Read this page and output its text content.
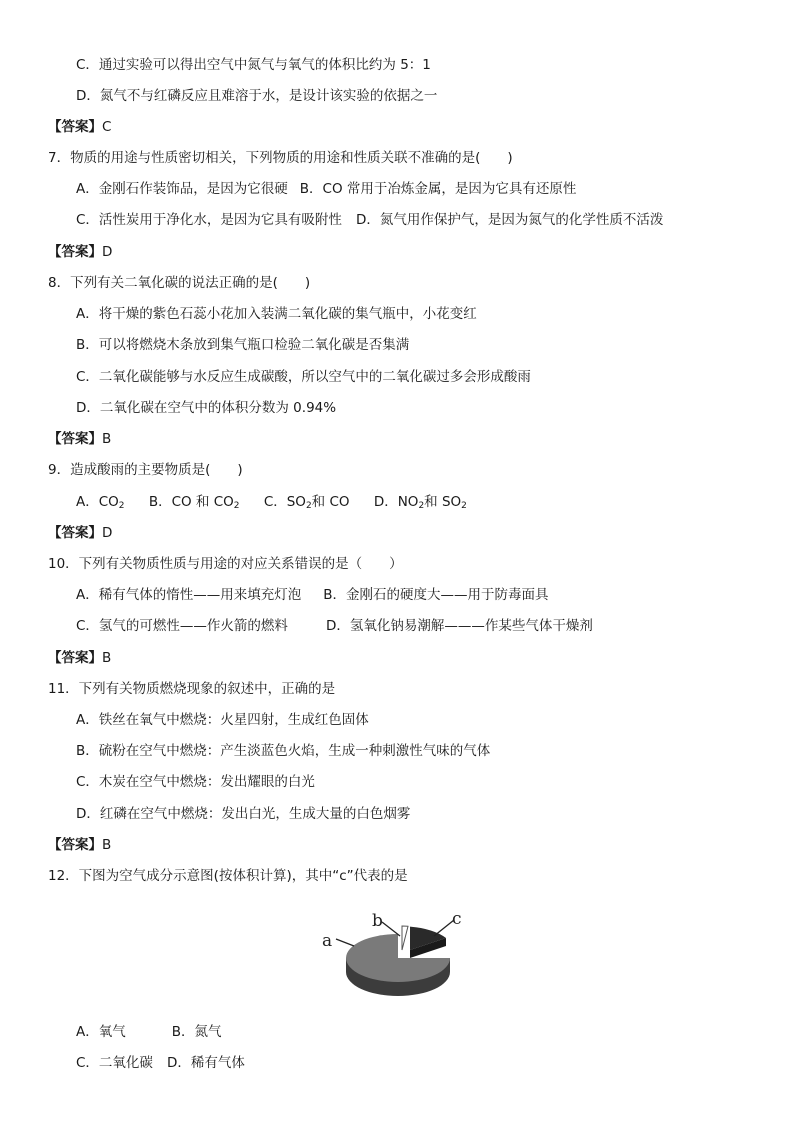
C．通过实验可以得出空气中氮气与氧气的体积比约为 5：1
D．氮气不与红磷反应且难溶于水，是设计该实验的依据之一
【答案】C
7．物质的用途与性质密切相关，下列物质的用途和性质关联不准确的是(　　)
A．金刚石作装饰品，是因为它很硬 B．CO 常用于冶炼金属，是因为它具有还原性
C．活性炭用于净化水，是因为它具有吸附性 D．氮气用作保护气，是因为氮气的化学性质不活泼
【答案】D
8．下列有关二氧化碳的说法正确的是(　　)
A．将干燥的紫色石蕊小花加入装满二氧化碳的集气瓶中，小花变红
B．可以将燃烧木条放到集气瓶口检验二氧化碳是否集满
C．二氧化碳能够与水反应生成碳酸，所以空气中的二氧化碳过多会形成酸雨
D．二氧化碳在空气中的体积分数为 0.94%
【答案】B
9．造成酸雨的主要物质是(　　)
A．$CO_2$ B．CO 和 $CO_2$ C．$SO_2$和 CO D．$NO_2$和 $SO_2$
【答案】D
10．下列有关物质性质与用途的对应关系错误的是（　　）
A．稀有气体的惰性——用来填充灯泡 B．金刚石的硬度大——用于防毒面具
C．氢气的可燃性——作火箭的燃料	D．氢氧化钠易潮解———作某些气体干燥剂
【答案】B
11．下列有关物质燃烧现象的叙述中，正确的是
A．铁丝在氧气中燃烧：火星四射，生成红色固体
B．硫粉在空气中燃烧：产生淡蓝色火焰，生成一种刺激性气味的气体
C．木炭在空气中燃烧：发出耀眼的白光
D．红磷在空气中燃烧：发出白光，生成大量的白色烟雾
【答案】B
12．下图为空气成分示意图(按体积计算)，其中“c”代表的是
a
b	c
A．氧气	B．氮气
C．二氧化碳 D．稀有气体
